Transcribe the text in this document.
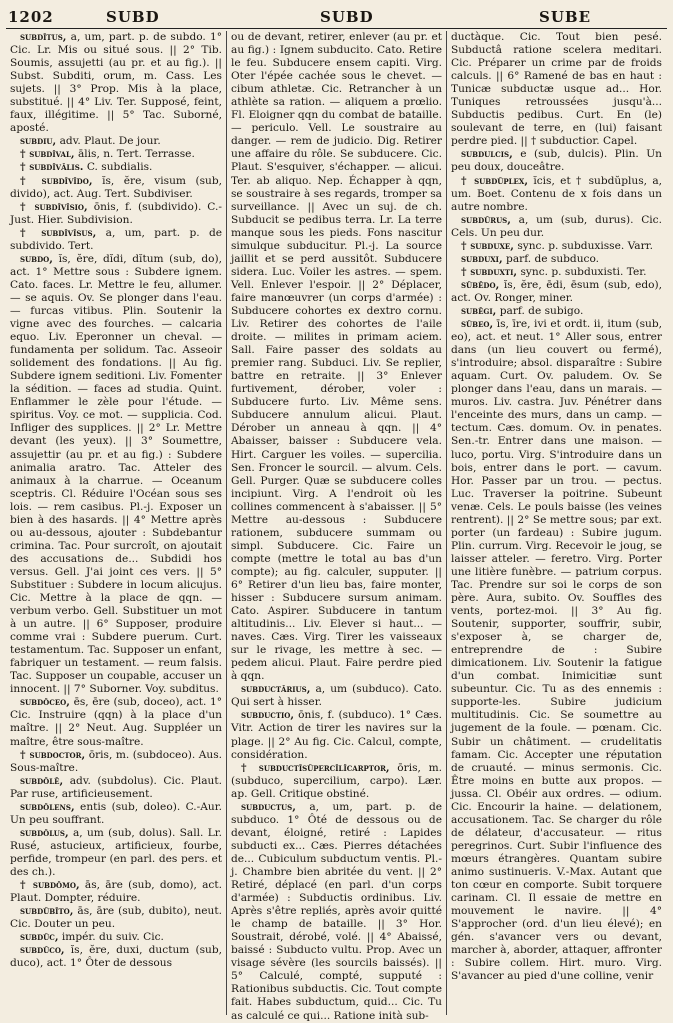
1202	SUBD	SUBD	SUBE

subdĭtus, a, um, part. p. de subdo. 1° Cic. Lr. Mis ou situé sous. || 2° Tib. Soumis, assujetti (au pr. et au fig.). || Subst. Subditi, orum, m. Cass. Les sujets. || 3° Prop. Mis à la place, substitué. || 4° Liv. Ter. Supposé, feint, faux, illégitime. || 5° Tac. Suborné, aposté.

subdiu, adv. Plaut. De jour.

† subdīval, ālis, n. Tert. Terrasse.

† subdīvālis. C. subdialis.

† subdīvīdo, ĭs, ĕre, visum (sub, divido), act. Aug. Tert. Subdiviser.

† subdīvīsio, ōnis, f. (subdivido). C.-Just. Hier. Subdivision.

† subdīvīsus, a, um, part. p. de subdivido. Tert.

subdo, ĭs, ĕre, dĭdi, dĭtum (sub, do), act. 1° Mettre sous : Subdere ignem. Cato. faces. Lr. Mettre le feu, allumer. — se aquis. Ov. Se plonger dans l'eau. — furcas vitibus. Plin. Soutenir la vigne avec des fourches. — calcaria equo. Liv. Eperonner un cheval. — fundamenta per solidum. Tac. Asseoir solidement des fondations. || Au fig. Subdere ignem seditioni. Liv. Fomenter la sédition. — faces ad studia. Quint. Enflammer le zèle pour l'étude. — spiritus. Voy. ce mot. — supplicia. Cod. Infliger des supplices. || 2° Lr. Mettre devant (les yeux). || 3° Soumettre, assujettir (au pr. et au fig.) : Subdere animalia aratro. Tac. Atteler des animaux à la charrue. — Oceanum sceptris. Cl. Réduire l'Océan sous ses lois. — rem casibus. Pl.-j. Exposer un bien à des hasards. || 4° Mettre après ou au-dessous, ajouter : Subdebantur crimina. Tac. Pour surcroît, on ajoutait des accusations de... Subdidi hos versus. Gell. J'ai joint ces vers. || 5° Substituer : Subdere in locum alicujus. Cic. Mettre à la place de qqn. — verbum verbo. Gell. Substituer un mot à un autre. || 6° Supposer, produire comme vrai : Subdere puerum. Curt. testamentum. Tac. Supposer un enfant, fabriquer un testament. — reum falsis. Tac. Supposer un coupable, accuser un innocent. || 7° Suborner. Voy. subditus.

subdŏceo, ēs, ēre (sub, doceo), act. 1° Cic. Instruire (qqn) à la place d'un maître. || 2° Neut. Aug. Suppléer un maître, être sous-maître.

† subdoctor, ōris, m. (subdoceo). Aus. Sous-maître.

subdŏlē, adv. (subdolus). Cic. Plaut. Par ruse, artificieusement.

subdŏlens, entis (sub, doleo). C.-Aur. Un peu souffrant.

subdŏlus, a, um (sub, dolus). Sall. Lr. Rusé, astucieux, artificieux, fourbe, perfide, trompeur (en parl. des pers. et des ch.).

† subdŏmo, ās, āre (sub, domo), act. Plaut. Dompter, réduire.

subdŭbĭto, ās, āre (sub, dubito), neut. Cic. Douter un peu.

subdŭc, impér. du suiv. Cic.

subdūco, ĭs, ĕre, duxi, ductum (sub, duco), act. 1° Ôter de dessous

ou de devant, retirer, enlever (au pr. et au fig.) : Ignem subducito. Cato. Retire le feu. Subducere ensem capiti. Virg. Oter l'épée cachée sous le chevet. — cibum athletæ. Cic. Retrancher à un athlète sa ration. — aliquem a prœlio. Fl. Eloigner qqn du combat de bataille. — periculo. Vell. Le soustraire au danger. — rem de judicio. Dig. Retirer une affaire du rôle. Se subducere. Cic. Plaut. S'esquiver, s'échapper. — alicui. Ter. ab aliquo. Nep. Échapper à qqn, se soustraire à ses regards, tromper sa surveillance. || Avec un suj. de ch. Subducit se pedibus terra. Lr. La terre manque sous les pieds. Fons nascitur simulque subducitur. Pl.-j. La source jaillit et se perd aussitôt. Subducere sidera. Luc. Voiler les astres. — spem. Vell. Enlever l'espoir. || 2° Déplacer, faire manœuvrer (un corps d'armée) : Subducere cohortes ex dextro cornu. Liv. Retirer des cohortes de l'aile droite. — milites in primam aciem. Sall. Faire passer des soldats au premier rang. Subduci. Liv. Se replier, battre en retraite. || 3° Enlever furtivement, dérober, voler : Subducere furto. Liv. Même sens. Subducere annulum alicui. Plaut. Dérober un anneau à qqn. || 4° Abaisser, baisser : Subducere vela. Hirt. Carguer les voiles. — supercilia. Sen. Froncer le sourcil. — alvum. Cels. Gell. Purger. Quæ se subducere colles incipiunt. Virg. A l'endroit où les collines commencent à s'abaisser. || 5° Mettre au-dessous : Subducere rationem, subducere summam ou simpl. Subducere. Cic. Faire un compte (mettre le total au bas d'un compte); au fig. calculer, supputer. || 6° Retirer d'un lieu bas, faire monter, hisser : Subducere sursum animam. Cato. Aspirer. Subducere in tantum altitudinis... Liv. Elever si haut... — naves. Cæs. Virg. Tirer les vaisseaux sur le rivage, les mettre à sec. — pedem alicui. Plaut. Faire perdre pied à qqn.

subductārius, a, um (subduco). Cato. Qui sert à hisser.

subductio, ōnis, f. (subduco). 1° Cæs. Vitr. Action de tirer les navires sur la plage. || 2° Au fig. Cic. Calcul, compte, considération.

† subductĭsŭpercĭlĭcarptor, ōris, m. (subduco, supercilium, carpo). Lær. ap. Gell. Critique obstiné.

subductus, a, um, part. p. de subduco. 1° Ôté de dessous ou de devant, éloigné, retiré : Lapides subducti ex... Cæs. Pierres détachées de... Cubiculum subductum ventis. Pl.-j. Chambre bien abritée du vent. || 2° Retiré, déplacé (en parl. d'un corps d'armée) : Subductis ordinibus. Liv. Après s'être repliés, après avoir quitté le champ de bataille. || 3° Hor. Soustrait, dérobé, volé. || 4° Abaissé, baissé : Subducto vultu. Prop. Avec un visage sévère (les sourcils baissés). || 5° Calculé, compté, supputé : Rationibus subductis. Cic. Tout compte fait. Habes subductum, quid... Cic. Tu as calculé ce qui... Ratione inità sub-

ductàque. Cic. Tout bien pesé. Subductâ ratione scelera meditari. Cic. Préparer un crime par de froids calculs. || 6° Ramené de bas en haut : Tunicæ subductæ usque ad... Hor. Tuniques retroussées jusqu'à... Subductis pedibus. Curt. En (le) soulevant de terre, en (lui) faisant perdre pied. || † subductior. Capel.

subdulcis, e (sub, dulcis). Plin. Un peu doux, douceâtre.

† subdŭplex, ĭcis, et † subdŭplus, a, um. Boet. Contenu de x fois dans un autre nombre.

subdūrus, a, um (sub, durus). Cic. Cels. Un peu dur.

† subduxe, sync. p. subduxisse. Varr.

subduxi, parf. de subduco.

† subduxti, sync. p. subduxisti. Ter.

sŭbĕdo, ĭs, ĕre, ēdi, ēsum (sub, edo), act. Ov. Ronger, miner.

subēgi, parf. de subigo.

sŭbeo, īs, īre, ivi et ordt. ii, itum (sub, eo), act. et neut. 1° Aller sous, entrer dans (un lieu couvert ou fermé), s'introduire; absol. disparaître : Subire aquam. Curt. Ov. paludem. Ov. Se plonger dans l'eau, dans un marais. — muros. Liv. castra. Juv. Pénétrer dans l'enceinte des murs, dans un camp. — tectum. Cæs. domum. Ov. in penates. Sen.-tr. Entrer dans une maison. — luco, portu. Virg. S'introduire dans un bois, entrer dans le port. — cavum. Hor. Passer par un trou. — pectus. Luc. Traverser la poitrine. Subeunt venæ. Cels. Le pouls baisse (les veines rentrent). || 2° Se mettre sous; par ext. porter (un fardeau) : Subire jugum. Plin. currum. Virg. Recevoir le joug, se laisser atteler. — feretro. Virg. Porter une litière funèbre. — patrium corpus. Tac. Prendre sur soi le corps de son père. Aura, subito. Ov. Souffles des vents, portez-moi. || 3° Au fig. Soutenir, supporter, souffrir, subir, s'exposer à, se charger de, entreprendre de : Subire dimicationem. Liv. Soutenir la fatigue d'un combat. Inimicitiæ sunt subeuntur. Cic. Tu as des ennemis : supporte-les. Subire judicium multitudinis. Cic. Se soumettre au jugement de la foule. — pœnam. Cic. Subir un châtiment. — crudelitatis famam. Cic. Accepter une réputation de cruauté. — minus sermonis. Cic. Être moins en butte aux propos. — jussa. Cl. Obéir aux ordres. — odium. Cic. Encourir la haine. — delationem, accusationem. Tac. Se charger du rôle de délateur, d'accusateur. — ritus peregrinos. Curt. Subir l'influence des mœurs étrangères. Quantam subire animo sustinueris. V.-Max. Autant que ton cœur en comporte. Subit torquere carinam. Cl. Il essaie de mettre en mouvement le navire. || 4° S'approcher (ord. d'un lieu élevé); en gén. s'avancer vers ou devant, marcher à, aborder, attaquer, affronter : Subire collem. Hirt. muro. Virg. S'avancer au pied d'une colline, venir
